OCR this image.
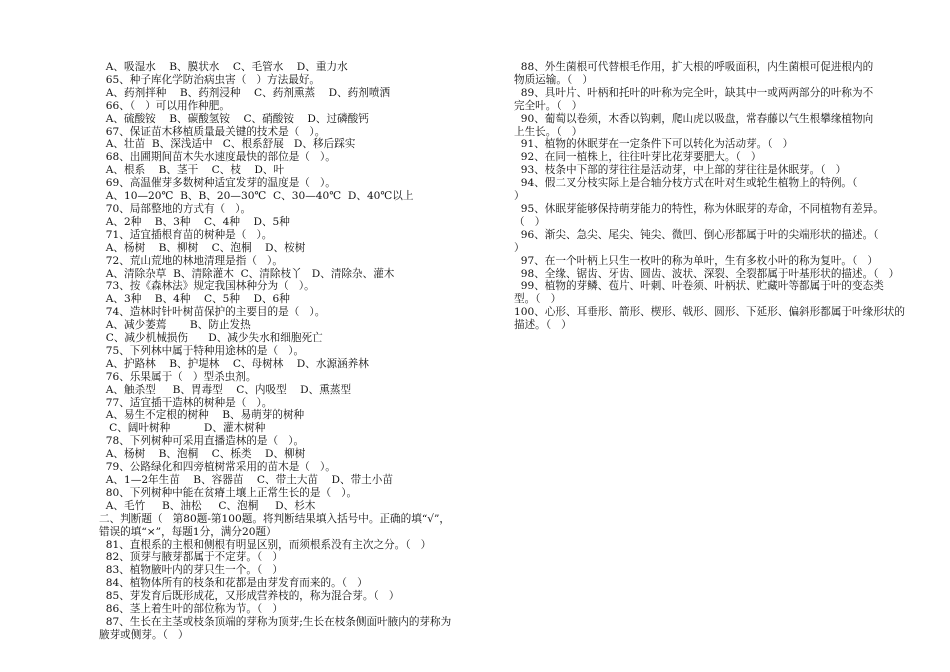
A、吸湿水    B、膜状水    C、毛管水    D、重力水
65、种子库化学防治病虫害（   ）方法最好。
A、药剂拌种    B、药剂浸种    C、药剂熏蒸    D、药剂喷洒
66、（   ）可以用作种肥。
A、硫酸铵    B、碳酸氢铵    C、硝酸铵    D、过磷酸钙
67、保证苗木移植质量最关键的技术是（   ）。
A、壮苗  B、深浅适中   C、根系舒展   D、移后踩实
68、出圃期间苗木失水速度最快的部位是（   ）。
A、根系    B、茎干    C、枝    D、叶
69、高温催芽多数树种适宜发芽的温度是（   ）。
A、10—20℃  B、B、20—30℃  C、30—40℃  D、40℃以上
70、局部整地的方式有（   ）。
A、2种    B、3种    C、4种    D、5种
71、适宜插根育苗的树种是（   ）。
A、杨树    B、柳树    C、泡桐    D、桉树
72、荒山荒地的林地清理是指（   ）。
A、清除杂草  B、清除灌木  C、清除枝丫   D、清除杂、灌木
73、按《森林法》规定我国林种分为（   ）。
A、3种    B、4种    C、5种    D、6种
74、造林时针叶树苗保护的主要目的是（   ）。
A、减少萎蔫       B、防止发热
C、减少机械损伤      D、减少失水和细胞死亡
75、下列林中属于特种用途林的是（   ）。
A、护路林    B、护堤林    C、母树林    D、水源涵养林
76、乐果属于（   ）型杀虫剂。
A、触杀型     B、胃毒型    C、内吸型    D、熏蒸型
77、适宜插干造林的树种是（   ）。
A、易生不定根的树种    B、易萌芽的树种
C、阔叶树种          D、灌木树种
78、下列树种可采用直播造林的是（   ）。
A、杨树    B、泡桐    C、栎类    D、柳树
79、公路绿化和四旁植树常采用的苗木是（   ）。
A、1—2年生苗    B、容器苗    C、带土大苗    D、带土小苗
80、下列树种中能在贫瘠土壤上正常生长的是（   ）。
A、毛竹     B、油松     C、泡桐     D、杉木
二、判断题（   第80题-第100题。将判断结果填入括号中。正确的填“√”，
错误的填“×”，每题1分，满分20题）
81、直根系的主根和侧根有明显区别，而须根系没有主次之分。（   ）
82、顶芽与腋芽都属于不定芽。（   ）
83、植物腋叶内的芽只生一个。（   ）
84、植物体所有的枝条和花都是由芽发育而来的。（   ）
85、芽发育后既形成花，又形成营养枝的，称为混合芽。（   ）
86、茎上着生叶的部位称为节。（   ）
87、生长在主茎或枝条顶端的芽称为顶芽;生长在枝条侧面叶腋内的芽称为
腋芽或侧芽。（   ）
88、外生菌根可代替根毛作用，扩大根的呼吸面积，内生菌根可促进根内的
物质运输。（   ）
89、具叶片、叶柄和托叶的叶称为完全叶，缺其中一或两两部分的叶称为不
完全叶。（   ）
90、葡萄以卷须，木香以钩刺，爬山虎以吸盘，常春藤以气生根攀缘植物向
上生长。（   ）
91、植物的休眠芽在一定条件下可以转化为活动芽。（   ）
92、在同一植株上，往往叶芽比花芽要肥大。（   ）
93、枝条中下部的芽往往是活动芽，中上部的芽往往是休眠芽。（   ）
94、假二叉分枝实际上是合轴分枝方式在叶对生或轮生植物上的特例。（
）
95、休眠芽能够保持萌芽能力的特性，称为休眠芽的寿命，不同植物有差异。
（   ）
96、渐尖、急尖、尾尖、钝尖、微凹、倒心形都属于叶的尖端形状的描述。（
）
97、在一个叶柄上只生一枚叶的称为单叶，生有多枚小叶的称为复叶。（   ）
98、全缘、锯齿、牙齿、圆齿、波状、深裂、全裂都属于叶基形状的描述。（   ）
99、植物的芽鳞、苞片、叶刺、叶卷须、叶柄状、贮藏叶等都属于叶的变态类
型。（   ）
100、心形、耳垂形、箭形、楔形、戟形、圆形、下延形、偏斜形都属于叶缘形状的
描述。（   ）
